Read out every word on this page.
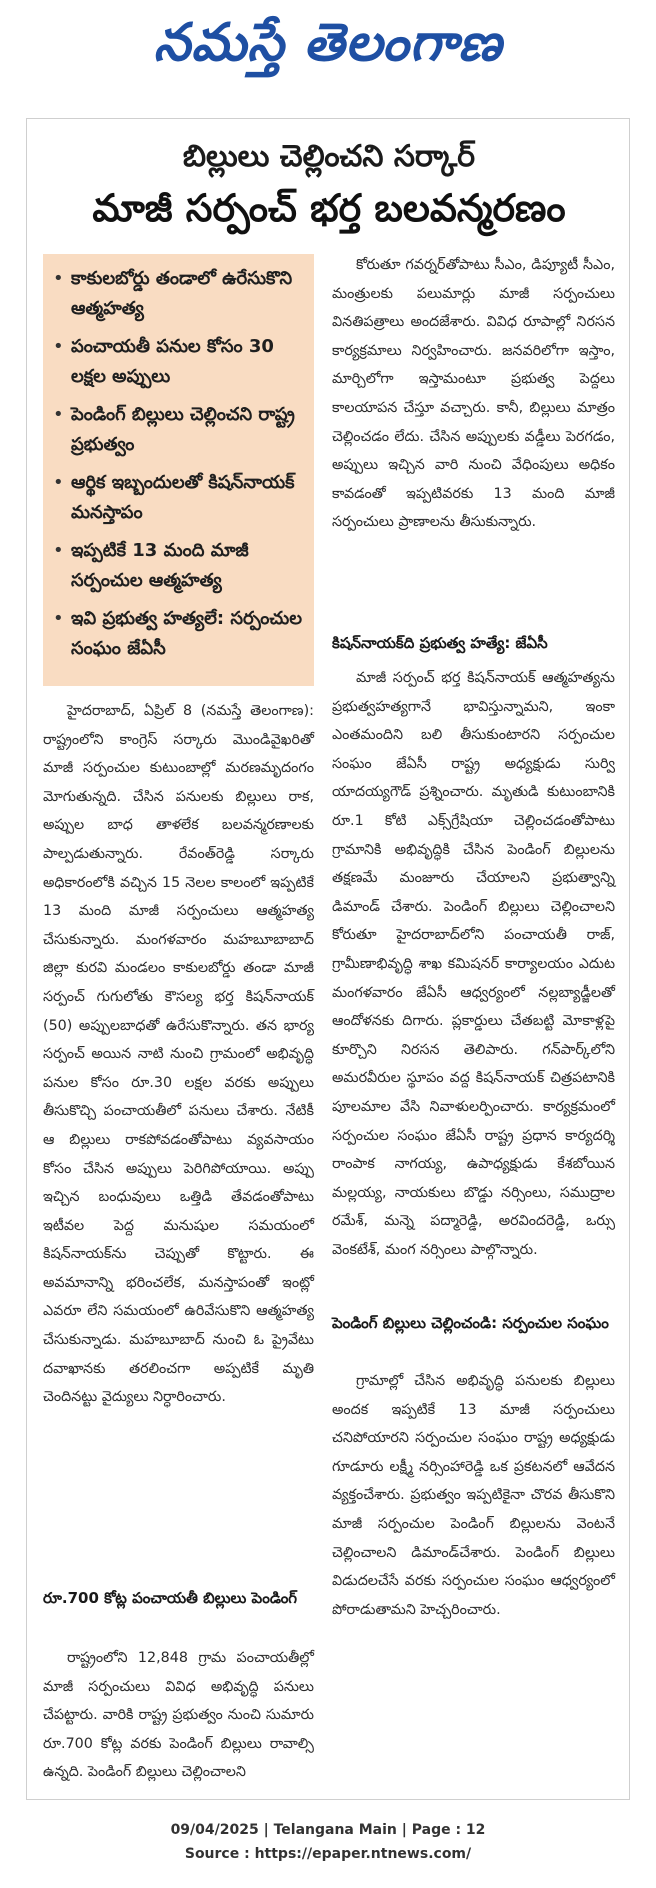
నమస్తే తెలంగాణ
బిల్లులు చెల్లించని సర్కార్
మాజీ సర్పంచ్ భర్త బలవన్మరణం
• కాకులబోర్డు తండాలో ఉరేసుకొని ఆత్మహత్య
• పంచాయతీ పనుల కోసం 30 లక్షల అప్పులు
• పెండింగ్ బిల్లులు చెల్లించని రాష్ట్ర ప్రభుత్వం
• ఆర్థిక ఇబ్బందులతో కిషన్‌నాయక్ మనస్తాపం
• ఇప్పటికే 13 మంది మాజీ సర్పంచుల ఆత్మహత్య
• ఇవి ప్రభుత్వ హత్యలే: సర్పంచుల సంఘం జేఏసీ

హైదరాబాద్, ఏప్రిల్ 8 (నమస్తే తెలంగాణ): రాష్ట్రంలోని కాంగ్రెస్ సర్కారు మొండివైఖరితో మాజీ సర్పంచుల కుటుంబాల్లో మరణమృదంగం మోగుతున్నది. చేసిన పనులకు బిల్లులు రాక, అప్పుల బాధ తాళలేక బలవన్మరణాలకు పాల్పడుతున్నారు. రేవంత్‌రెడ్డి సర్కారు అధికారంలోకి వచ్చిన 15 నెలల కాలంలో ఇప్పటికే 13 మంది మాజీ సర్పంచులు ఆత్మహత్య చేసుకున్నారు. మంగళవారం మహబూబాబాద్ జిల్లా కురవి మండలం కాకులబోర్డు తండా మాజీ సర్పంచ్ గుగులోతు కౌసల్య భర్త కిషన్‌నాయక్ (50) అప్పులబాధతో ఉరేసుకొన్నారు. తన భార్య సర్పంచ్ అయిన నాటి నుంచి గ్రామంలో అభివృద్ధి పనుల కోసం రూ.30 లక్షల వరకు అప్పులు తీసుకొచ్చి పంచాయతీలో పనులు చేశారు. నేటికీ ఆ బిల్లులు రాకపోవడంతోపాటు వ్యవసాయం కోసం చేసిన అప్పులు పెరిగిపోయాయి. అప్పు ఇచ్చిన బంధువులు ఒత్తిడి తేవడంతోపాటు ఇటీవల పెద్ద మనుషుల సమయంలో కిషన్‌నాయక్‌ను చెప్పుతో కొట్టారు. ఈ అవమానాన్ని భరించలేక, మనస్తాపంతో ఇంట్లో ఎవరూ లేని సమయంలో ఉరివేసుకొని ఆత్మహత్య చేసుకున్నాడు. మహబూబాద్ నుంచి ఓ ప్రైవేటు దవాఖానకు తరలించగా అప్పటికే మృతి చెందినట్టు వైద్యులు నిర్ధారించారు.

రూ.700 కోట్ల పంచాయతీ బిల్లులు పెండింగ్

రాష్ట్రంలోని 12,848 గ్రామ పంచాయతీల్లో మాజీ సర్పంచులు వివిధ అభివృద్ధి పనులు చేపట్టారు. వారికి రాష్ట్ర ప్రభుత్వం నుంచి సుమారు రూ.700 కోట్ల వరకు పెండింగ్ బిల్లులు రావాల్సి ఉన్నది. పెండింగ్ బిల్లులు చెల్లించాలని

కోరుతూ గవర్నర్‌తోపాటు సీఎం, డిప్యూటీ సీఎం, మంత్రులకు పలుమార్లు మాజీ సర్పంచులు వినతిపత్రాలు అందజేశారు. వివిధ రూపాల్లో నిరసన కార్యక్రమాలు నిర్వహించారు. జనవరిలోగా ఇస్తాం, మార్చిలోగా ఇస్తామంటూ ప్రభుత్వ పెద్దలు కాలయాపన చేస్తూ వచ్చారు. కానీ, బిల్లులు మాత్రం చెల్లించడం లేదు. చేసిన అప్పులకు వడ్డీలు పెరగడం, అప్పులు ఇచ్చిన వారి నుంచి వేధింపులు అధికం కావడంతో ఇప్పటివరకు 13 మంది మాజీ సర్పంచులు ప్రాణాలను తీసుకున్నారు.

కిషన్‌నాయక్‌ది ప్రభుత్వ హత్యే: జేఏసీ

మాజీ సర్పంచ్ భర్త కిషన్‌నాయక్ ఆత్మహత్యను ప్రభుత్వహత్యగానే భావిస్తున్నామని, ఇంకా ఎంతమందిని బలి తీసుకుంటారని సర్పంచుల సంఘం జేఏసీ రాష్ట్ర అధ్యక్షుడు సుర్వి యాదయ్యగౌడ్ ప్రశ్నించారు. మృతుడి కుటుంబానికి రూ.1 కోటి ఎక్స్‌గ్రేషియా చెల్లించడంతోపాటు గ్రామానికి అభివృద్ధికి చేసిన పెండింగ్ బిల్లులను తక్షణమే మంజూరు చేయాలని ప్రభుత్వాన్ని డిమాండ్ చేశారు. పెండింగ్ బిల్లులు చెల్లించాలని కోరుతూ హైదరాబాద్‌లోని పంచాయతీ రాజ్, గ్రామీణాభివృద్ధి శాఖ కమిషనర్ కార్యాలయం ఎదుట మంగళవారం జేఏసీ ఆధ్వర్యంలో నల్లబ్యాడ్జీలతో ఆందోళనకు దిగారు. ప్లకార్డులు చేతబట్టి మోకాళ్లపై కూర్చొని నిరసన తెలిపారు. గన్‌పార్క్‌లోని అమరవీరుల స్థూపం వద్ద కిషన్‌నాయక్ చిత్రపటానికి పూలమాల వేసి నివాళులర్పించారు. కార్యక్రమంలో సర్పంచుల సంఘం జేఏసీ రాష్ట్ర ప్రధాన కార్యదర్శి రాంపాక నాగయ్య, ఉపాధ్యక్షుడు కేశబోయిన మల్లయ్య, నాయకులు బొడ్డు నర్సింలు, సముద్రాల రమేశ్, మన్నె పద్మారెడ్డి, అరవిందరెడ్డి, ఒర్సు వెంకటేశ్, మంగ నర్సింలు పాల్గొన్నారు.

పెండింగ్ బిల్లులు చెల్లించండి: సర్పంచుల సంఘం

గ్రామాల్లో చేసిన అభివృద్ధి పనులకు బిల్లులు అందక ఇప్పటికే 13 మాజీ సర్పంచులు చనిపోయారని సర్పంచుల సంఘం రాష్ట్ర అధ్యక్షుడు గూడూరు లక్ష్మీ నర్సింహారెడ్డి ఒక ప్రకటనలో ఆవేదన వ్యక్తంచేశారు. ప్రభుత్వం ఇప్పటికైనా చొరవ తీసుకొని మాజీ సర్పంచుల పెండింగ్ బిల్లులను వెంటనే చెల్లించాలని డిమాండ్‌చేశారు. పెండింగ్ బిల్లులు విడుదలచేసే వరకు సర్పంచుల సంఘం ఆధ్వర్యంలో పోరాడుతామని హెచ్చరించారు.

09/04/2025 | Telangana Main | Page : 12
Source : https://epaper.ntnews.com/
